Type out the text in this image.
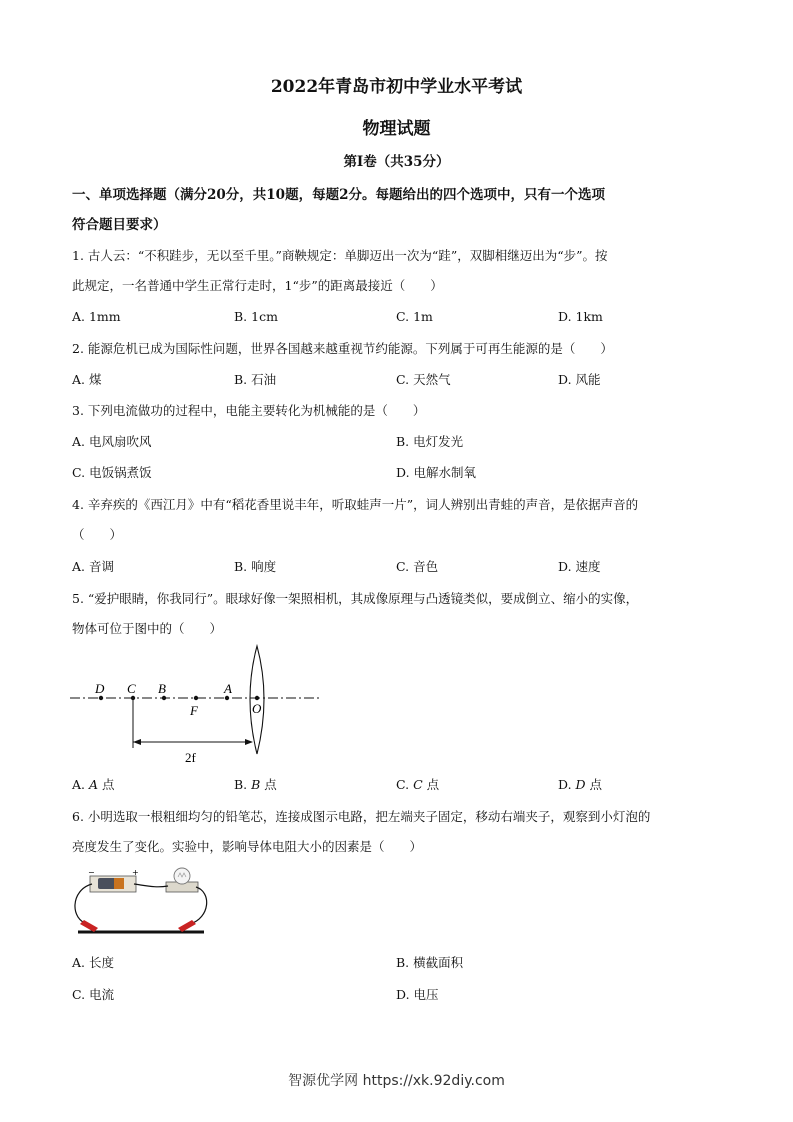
2022年青岛市初中学业水平考试
物理试题
第I卷（共35分）
一、单项选择题（满分20分，共10题，每题2分。每题给出的四个选项中，只有一个选项
符合题目要求）
1. 古人云：“不积跬步，无以至千里。”商鞅规定：单脚迈出一次为“跬”，双脚相继迈出为“步”。按
此规定，一名普通中学生正常行走时，1“步”的距离最接近（　　）
A. 1mm	B. 1cm	C. 1m	D. 1km
2. 能源危机已成为国际性问题，世界各国越来越重视节约能源。下列属于可再生能源的是（　　）
A. 煤	B. 石油	C. 天然气	D. 风能
3. 下列电流做功的过程中，电能主要转化为机械能的是（　　）
A. 电风扇吹风	B. 电灯发光
C. 电饭锅煮饭	D. 电解水制氧
4. 辛弃疾的《西江月》中有“稻花香里说丰年，听取蛙声一片”，词人辨别出青蛙的声音，是依据声音的
（　　）
A. 音调	B. 响度	C. 音色	D. 速度
5. “爱护眼睛，你我同行”。眼球好像一架照相机，其成像原理与凸透镜类似，要成倒立、缩小的实像，
物体可位于图中的（　　）
D C B
F
A
O
2f
A. A 点	B. B 点	C. C 点	D. D 点
6. 小明选取一根粗细均匀的铅笔芯，连接成图示电路，把左端夹子固定，移动右端夹子，观察到小灯泡的
亮度发生了变化。实验中，影响导体电阻大小的因素是（　　）
−	+
A. 长度	B. 横截面积
C. 电流	D. 电压
智源优学网 https://xk.92diy.com
